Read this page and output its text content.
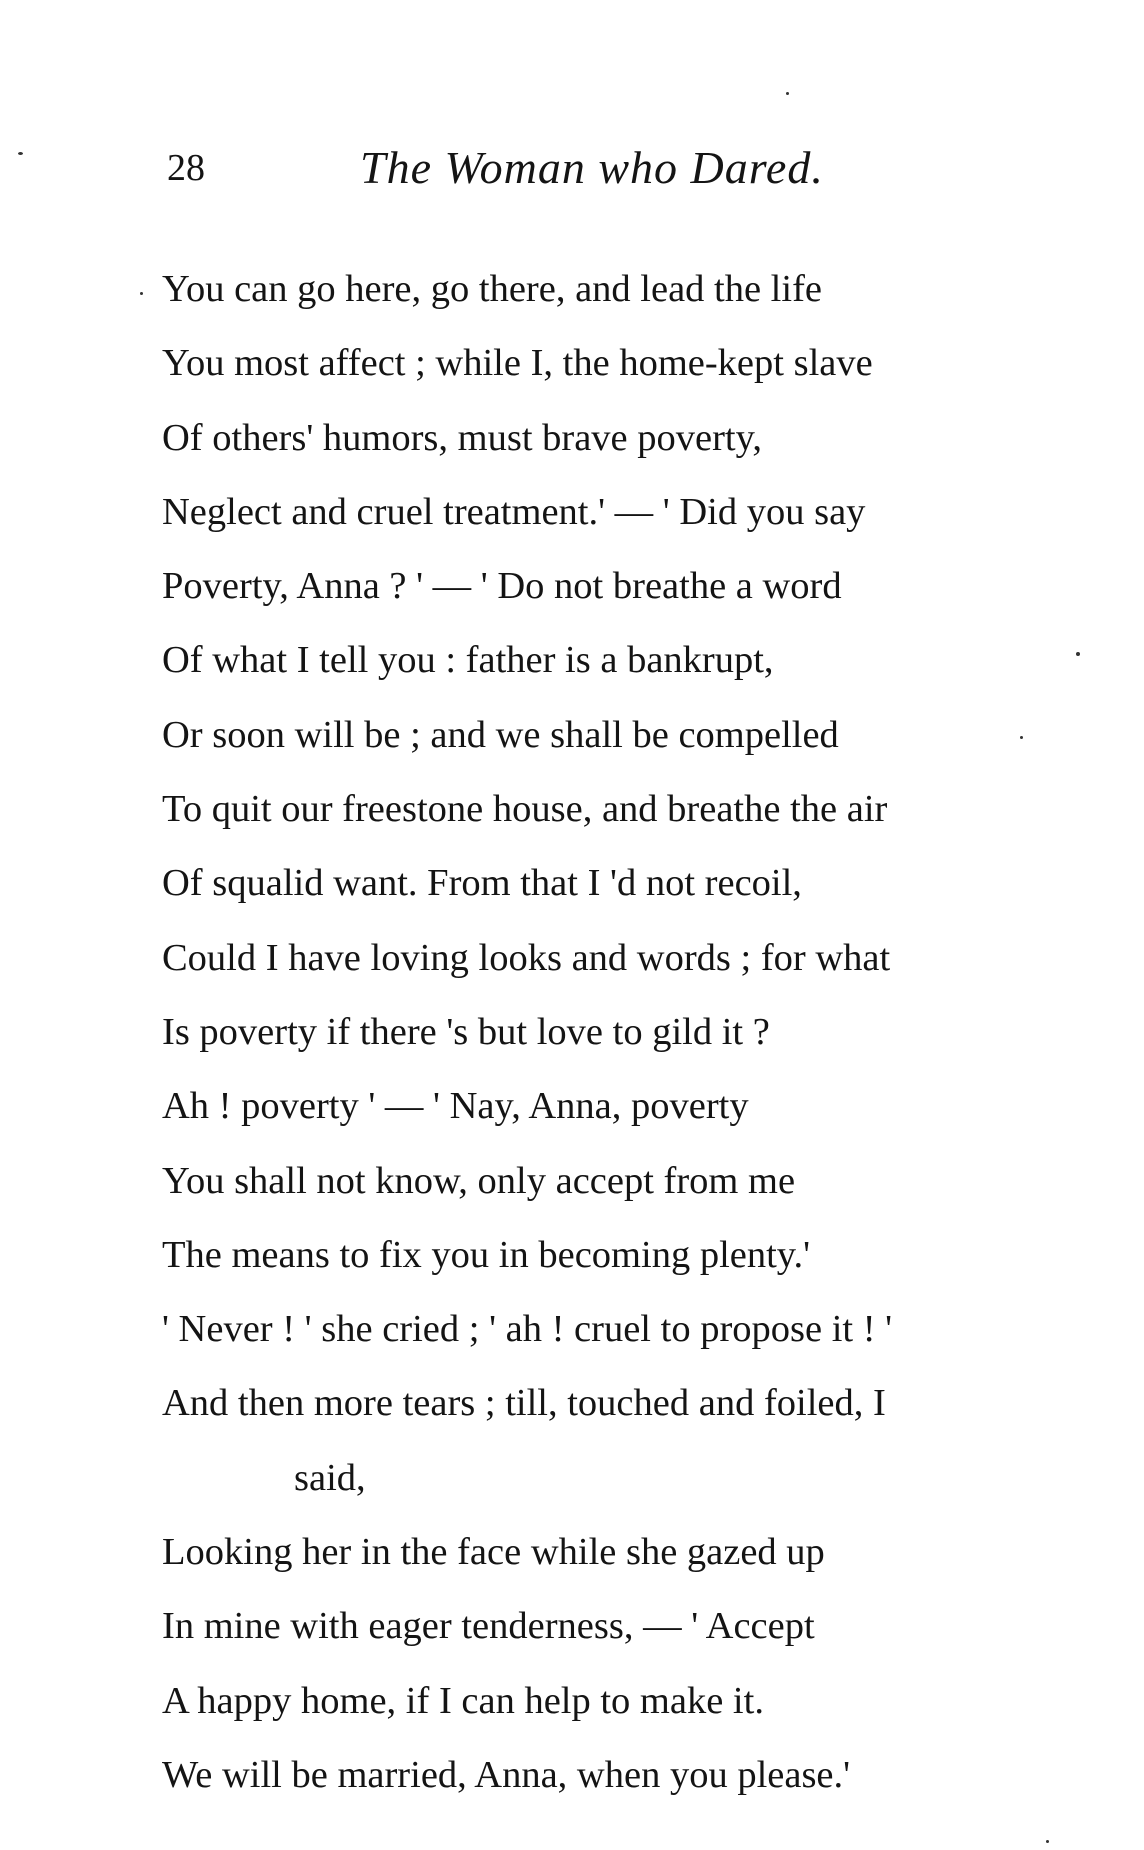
28	The Woman who Dared.
You can go here, go there, and lead the life
You most affect ; while I, the home-kept slave
Of others' humors, must brave poverty,
Neglect and cruel treatment.' — ' Did you say
Poverty, Anna ? ' — ' Do not breathe a word
Of what I tell you : father is a bankrupt,
Or soon will be ; and we shall be compelled
To quit our freestone house, and breathe the air
Of squalid want. From that I 'd not recoil,
Could I have loving looks and words ; for what
Is poverty if there 's but love to gild it ?
Ah ! poverty ' — ' Nay, Anna, poverty
You shall not know, only accept from me
The means to fix you in becoming plenty.'
' Never ! ' she cried ; ' ah ! cruel to propose it ! '
And then more tears ; till, touched and foiled, I
said,
Looking her in the face while she gazed up
In mine with eager tenderness, — ' Accept
A happy home, if I can help to make it.
We will be married, Anna, when you please.'
